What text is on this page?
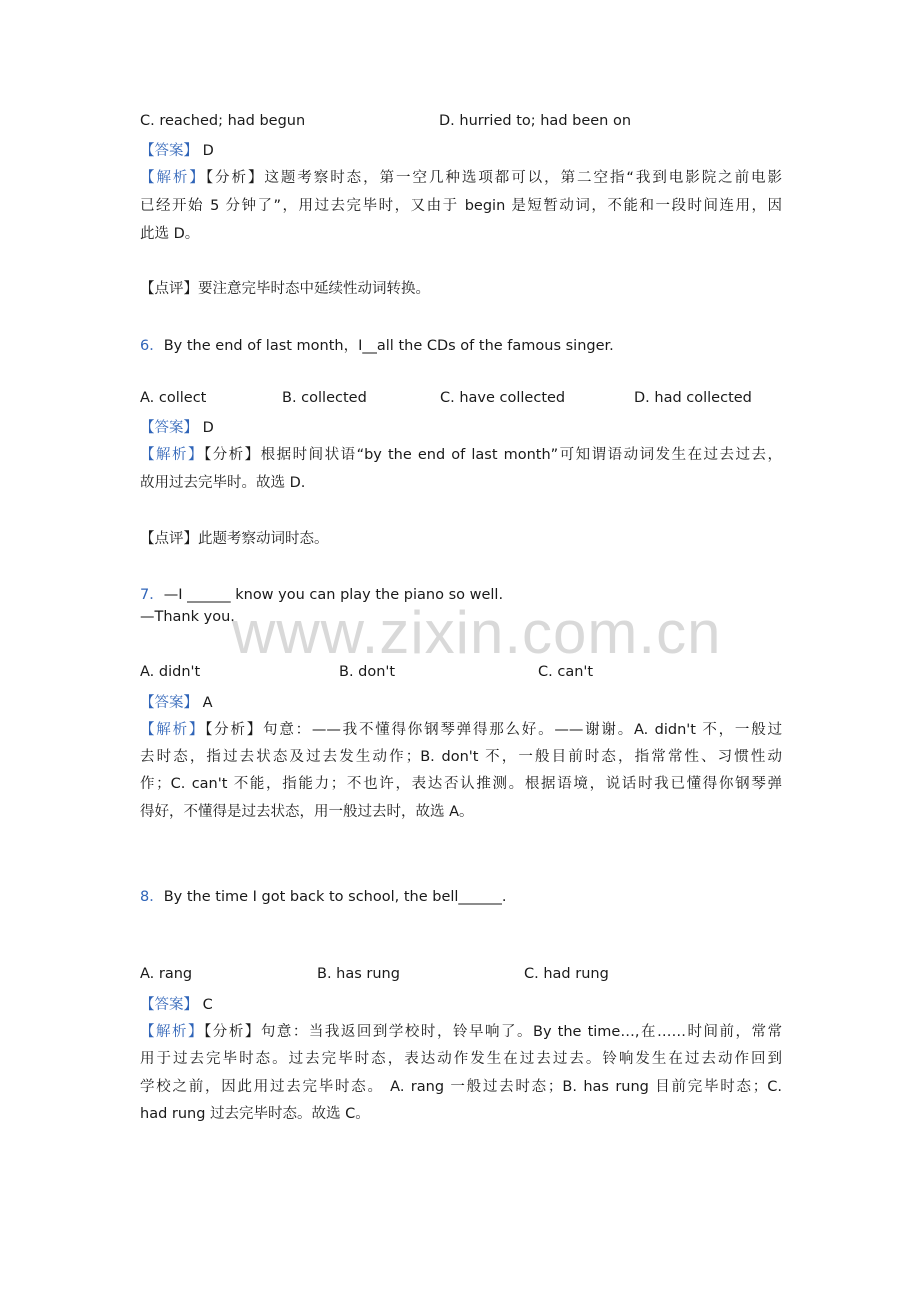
www.zixin.com.cn
C. reached; had begun	D. hurried to; had been on
【答案】 D
【解析】【分析】这题考察时态，第一空几种选项都可以，第二空指“我到电影院之前电影
已经开始 5 分钟了”，用过去完毕时，又由于 begin 是短暂动词，不能和一段时间连用，因
此选 D。
【点评】要注意完毕时态中延续性动词转换。
6．By the end of last month，I__all the CDs of the famous singer.
A. collect	B. collected	C. have collected	D. had collected
【答案】 D
【解析】【分析】根据时间状语“by the end of last month”可知谓语动词发生在过去过去，
故用过去完毕时。故选 D.
【点评】此题考察动词时态。
7．—I ______ know you can play the piano so well.
—Thank you.
A. didn't	B. don't	C. can't
【答案】 A
【解析】【分析】句意：——我不懂得你钢琴弹得那么好。——谢谢。A. didn't 不，一般过
去时态，指过去状态及过去发生动作；B. don't 不，一般目前时态，指常常性、习惯性动
作；C. can't 不能，指能力；不也许，表达否认推测。根据语境，说话时我已懂得你钢琴弹
得好，不懂得是过去状态，用一般过去时，故选 A。
8．By the time I got back to school, the bell______.
A. rang	B. has rung	C. had rung
【答案】 C
【解析】【分析】句意：当我返回到学校时，铃早响了。By the time…,在……时间前，常常
用于过去完毕时态。过去完毕时态，表达动作发生在过去过去。铃响发生在过去动作回到
学校之前，因此用过去完毕时态。 A. rang 一般过去时态；B. has rung 目前完毕时态；C.
had rung 过去完毕时态。故选 C。
